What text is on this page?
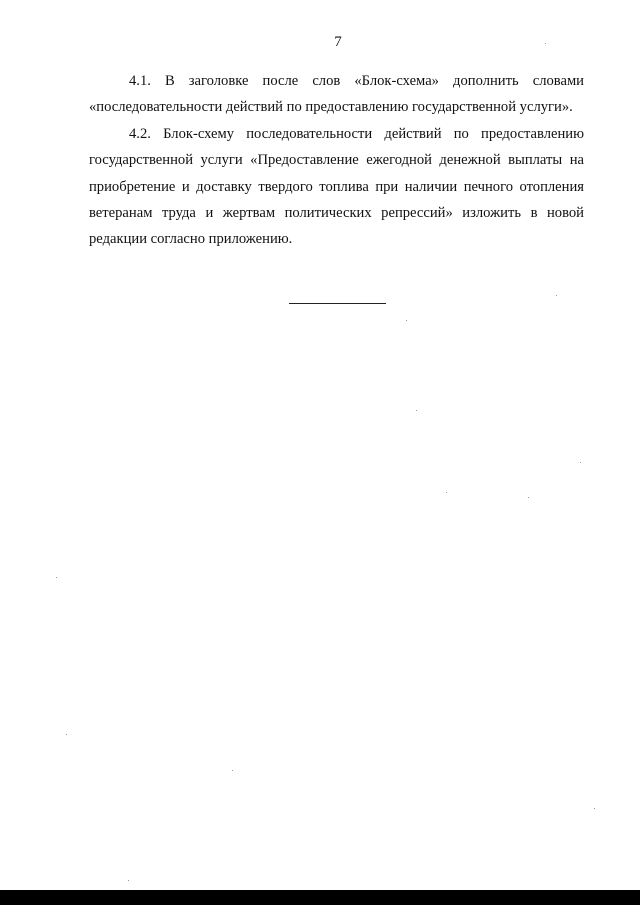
7

4.1. В заголовке после слов «Блок-схема» дополнить словами «последовательности действий по предоставлению государственной услуги».

4.2. Блок-схему последовательности действий по предоставлению государственной услуги «Предоставление ежегодной денежной выплаты на приобретение и доставку твердого топлива при наличии печного отопления ветеранам труда и жертвам политических репрессий» изложить в новой редакции согласно приложению.
